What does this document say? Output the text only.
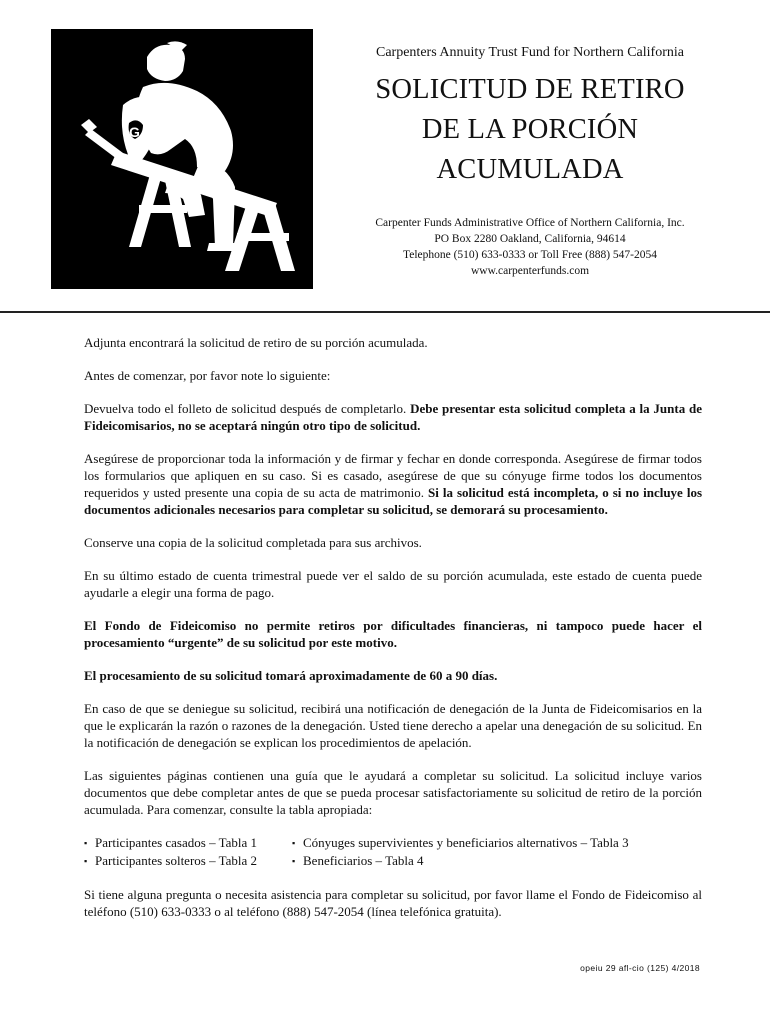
G
Carpenters Annuity Trust Fund for Northern California
SOLICITUD DE RETIRO
DE LA PORCIÓN
ACUMULADA
Carpenter Funds Administrative Office of Northern California, Inc.
PO Box 2280 Oakland, California, 94614
Telephone (510) 633-0333 or Toll Free (888) 547-2054
www.carpenterfunds.com

Adjunta encontrará la solicitud de retiro de su porción acumulada.

Antes de comenzar, por favor note lo siguiente:

Devuelva todo el folleto de solicitud después de completarlo. Debe presentar esta solicitud completa a la Junta de Fideicomisarios, no se aceptará ningún otro tipo de solicitud.

Asegúrese de proporcionar toda la información y de firmar y fechar en donde corresponda. Asegúrese de firmar todos los formularios que apliquen en su caso. Si es casado, asegúrese de que su cónyuge firme todos los documentos requeridos y usted presente una copia de su acta de matrimonio. Si la solicitud está incompleta, o si no incluye los documentos adicionales necesarios para completar su solicitud, se demorará su procesamiento.

Conserve una copia de la solicitud completada para sus archivos.

En su último estado de cuenta trimestral puede ver el saldo de su porción acumulada, este estado de cuenta puede ayudarle a elegir una forma de pago.

El Fondo de Fideicomiso no permite retiros por dificultades financieras, ni tampoco puede hacer el procesamiento “urgente” de su solicitud por este motivo.

El procesamiento de su solicitud tomará aproximadamente de 60 a 90 días.

En caso de que se deniegue su solicitud, recibirá una notificación de denegación de la Junta de Fideicomisarios en la que le explicarán la razón o razones de la denegación. Usted tiene derecho a apelar una denegación de su solicitud. En la notificación de denegación se explican los procedimientos de apelación.

Las siguientes páginas contienen una guía que le ayudará a completar su solicitud. La solicitud incluye varios documentos que debe completar antes de que se pueda procesar satisfactoriamente su solicitud de retiro de la porción acumulada. Para comenzar, consulte la tabla apropiada:

▪ Participantes casados – Tabla 1
▪ Participantes solteros – Tabla 2
▪ Cónyuges supervivientes y beneficiarios alternativos – Tabla 3
▪ Beneficiarios – Tabla 4

Si tiene alguna pregunta o necesita asistencia para completar su solicitud, por favor llame el Fondo de Fideicomiso al teléfono (510) 633-0333 o al teléfono (888) 547-2054 (línea telefónica gratuita).

opeiu 29 afl-cio (125) 4/2018
